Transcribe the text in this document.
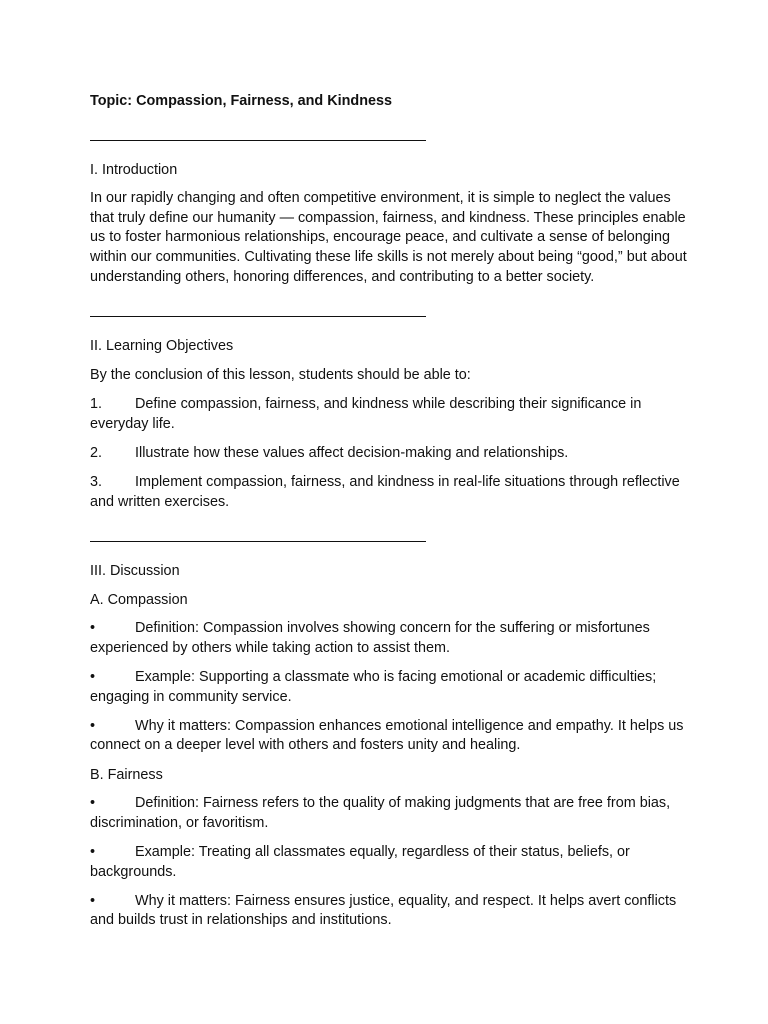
Topic: Compassion, Fairness, and Kindness
I. Introduction
In our rapidly changing and often competitive environment, it is simple to neglect the values that truly define our humanity — compassion, fairness, and kindness. These principles enable us to foster harmonious relationships, encourage peace, and cultivate a sense of belonging within our communities. Cultivating these life skills is not merely about being “good,” but about understanding others, honoring differences, and contributing to a better society.
II. Learning Objectives
By the conclusion of this lesson, students should be able to:
1. Define compassion, fairness, and kindness while describing their significance in everyday life.
2. Illustrate how these values affect decision-making and relationships.
3. Implement compassion, fairness, and kindness in real-life situations through reflective and written exercises.
III. Discussion
A. Compassion
•	Definition: Compassion involves showing concern for the suffering or misfortunes experienced by others while taking action to assist them.
•	Example: Supporting a classmate who is facing emotional or academic difficulties; engaging in community service.
•	Why it matters: Compassion enhances emotional intelligence and empathy. It helps us connect on a deeper level with others and fosters unity and healing.
B. Fairness
•	Definition: Fairness refers to the quality of making judgments that are free from bias, discrimination, or favoritism.
•	Example: Treating all classmates equally, regardless of their status, beliefs, or backgrounds.
•	Why it matters: Fairness ensures justice, equality, and respect. It helps avert conflicts and builds trust in relationships and institutions.
